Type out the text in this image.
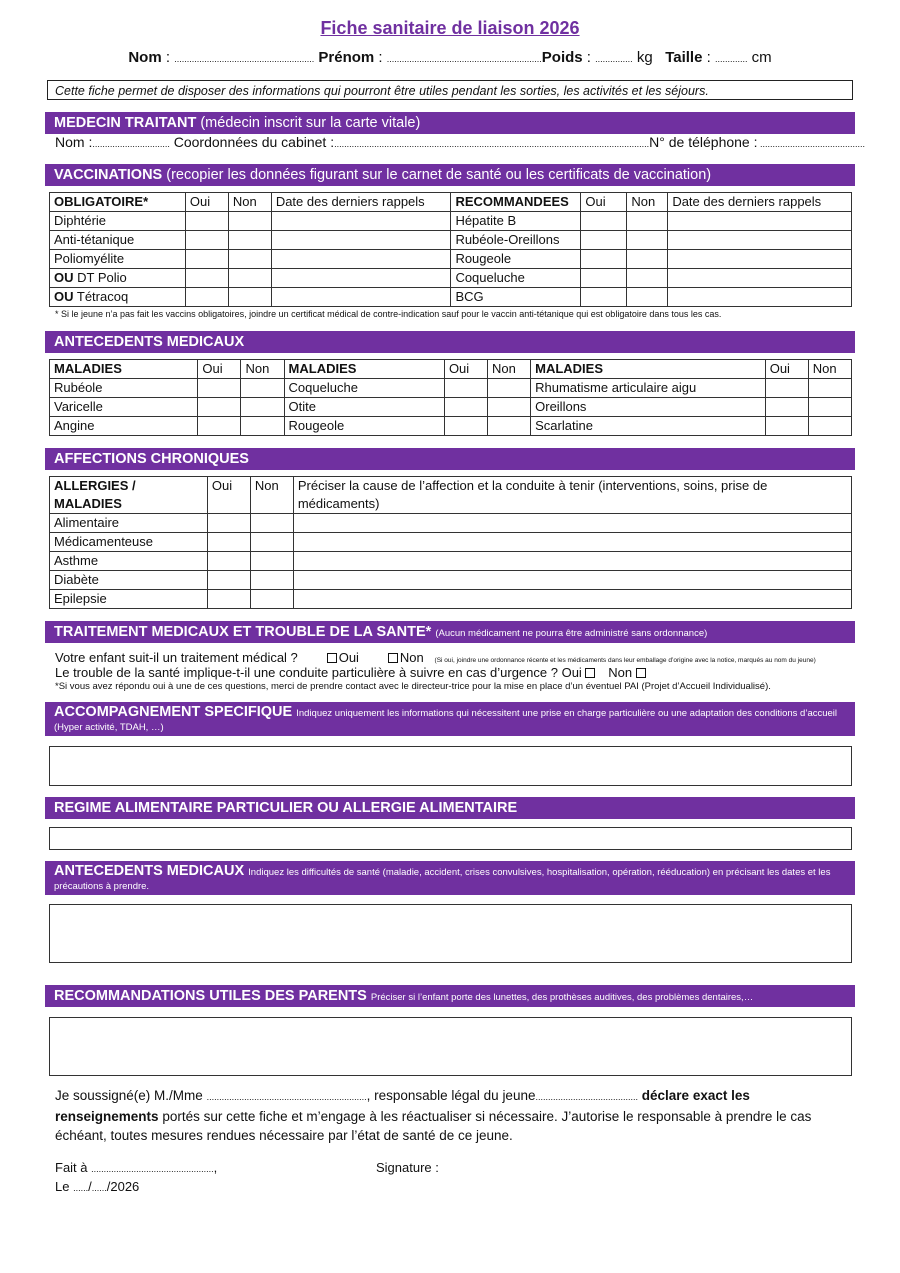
Fiche sanitaire de liaison 2026
Nom : ........................................................ Prénom : ..............................................................Poids : ............... kg Taille : ............. cm
Cette fiche permet de disposer des informations qui pourront être utiles pendant les sorties, les activités et les séjours.
MEDECIN TRAITANT (médecin inscrit sur la carte vitale)
Nom :............................... Coordonnées du cabinet :..............................................................................................................................N° de téléphone : ..........................................
VACCINATIONS (recopier les données figurant sur le carnet de santé ou les certificats de vaccination)
OBLIGATOIRE*	Oui	Non	Date des derniers rappels	RECOMMANDEES	Oui	Non	Date des derniers rappels
Diphtérie				Hépatite B			
Anti-tétanique				Rubéole-Oreillons			
Poliomyélite				Rougeole			
OU DT Polio				Coqueluche			
OU Tétracoq				BCG			
* Si le jeune n’a pas fait les vaccins obligatoires, joindre un certificat médical de contre-indication sauf pour le vaccin anti-tétanique qui est obligatoire dans tous les cas.
ANTECEDENTS MEDICAUX
MALADIES	Oui	Non	MALADIES	Oui	Non	MALADIES	Oui	Non
Rubéole			Coqueluche			Rhumatisme articulaire aigu		
Varicelle			Otite			Oreillons		
Angine			Rougeole			Scarlatine		
AFFECTIONS CHRONIQUES
ALLERGIES / MALADIES	Oui	Non	Préciser la cause de l’affection et la conduite à tenir (interventions, soins, prise de médicaments)
Alimentaire			
Médicamenteuse			
Asthme			
Diabète			
Epilepsie			
TRAITEMENT MEDICAUX ET TROUBLE DE LA SANTE* (Aucun médicament ne pourra être administré sans ordonnance)
Votre enfant suit-il un traitement médical ?	Oui	Non (Si oui, joindre une ordonnance récente et les médicaments dans leur emballage d’origine avec la notice, marqués au nom du jeune)
Le trouble de la santé implique-t-il une conduite particulière à suivre en cas d’urgence ? Oui Non
*Si vous avez répondu oui à une de ces questions, merci de prendre contact avec le directeur-trice pour la mise en place d’un éventuel PAI (Projet d’Accueil Individualisé).
ACCOMPAGNEMENT SPECIFIQUE Indiquez uniquement les informations qui nécessitent une prise en charge particulière ou une adaptation des conditions d’accueil (Hyper activité, TDAH, …)
REGIME ALIMENTAIRE PARTICULIER OU ALLERGIE ALIMENTAIRE
ANTECEDENTS MEDICAUX Indiquez les difficultés de santé (maladie, accident, crises convulsives, hospitalisation, opération, rééducation) en précisant les dates et les précautions à prendre.
RECOMMANDATIONS UTILES DES PARENTS Préciser si l’enfant porte des lunettes, des prothèses auditives, des problèmes dentaires,…
Je soussigné(e) M./Mme ................................................................, responsable légal du jeune......................................... déclare exact les renseignements portés sur cette fiche et m’engage à les réactualiser si nécessaire. J’autorise le responsable à prendre le cas échéant, toutes mesures rendues nécessaire par l’état de santé de ce jeune.
Fait à .................................................,	Signature :
Le ....../....../2026
